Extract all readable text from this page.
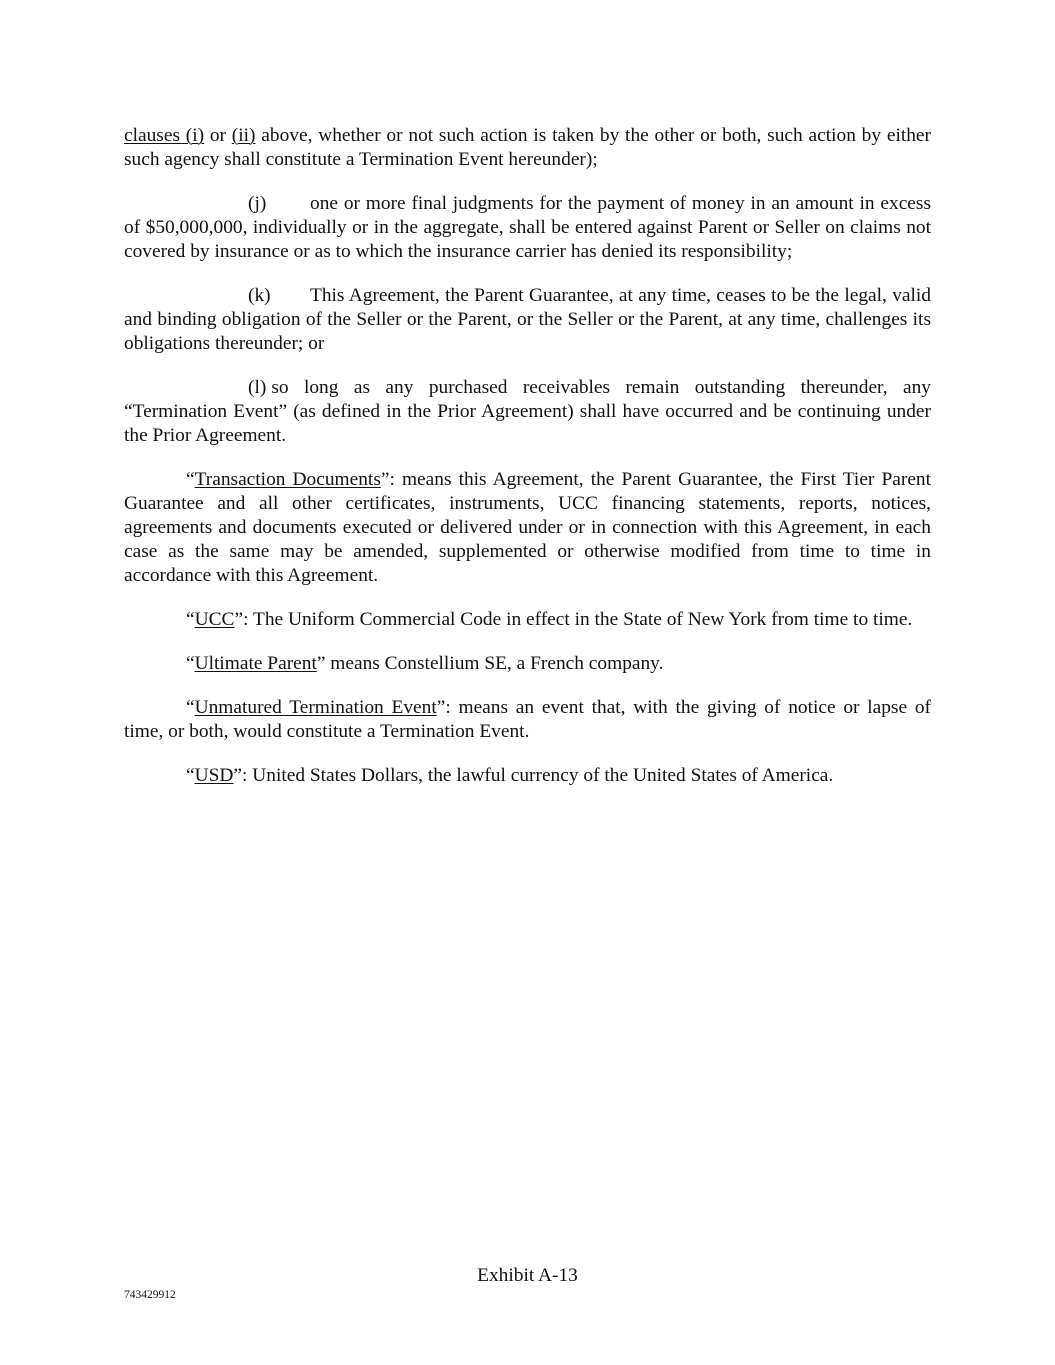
clauses (i) or (ii) above, whether or not such action is taken by the other or both, such action by either such agency shall constitute a Termination Event hereunder);

(j) one or more final judgments for the payment of money in an amount in excess of $50,000,000, individually or in the aggregate, shall be entered against Parent or Seller on claims not covered by insurance or as to which the insurance carrier has denied its responsibility;

(k) This Agreement, the Parent Guarantee, at any time, ceases to be the legal, valid and binding obligation of the Seller or the Parent, or the Seller or the Parent, at any time, challenges its obligations thereunder; or

(l) so long as any purchased receivables remain outstanding thereunder, any “Termination Event” (as defined in the Prior Agreement) shall have occurred and be continuing under the Prior Agreement.

“Transaction Documents”: means this Agreement, the Parent Guarantee, the First Tier Parent Guarantee and all other certificates, instruments, UCC financing statements, reports, notices, agreements and documents executed or delivered under or in connection with this Agreement, in each case as the same may be amended, supplemented or otherwise modified from time to time in accordance with this Agreement.

“UCC”: The Uniform Commercial Code in effect in the State of New York from time to time.

“Ultimate Parent” means Constellium SE, a French company.

“Unmatured Termination Event”: means an event that, with the giving of notice or lapse of time, or both, would constitute a Termination Event.

“USD”: United States Dollars, the lawful currency of the United States of America.

Exhibit A-13
743429912
